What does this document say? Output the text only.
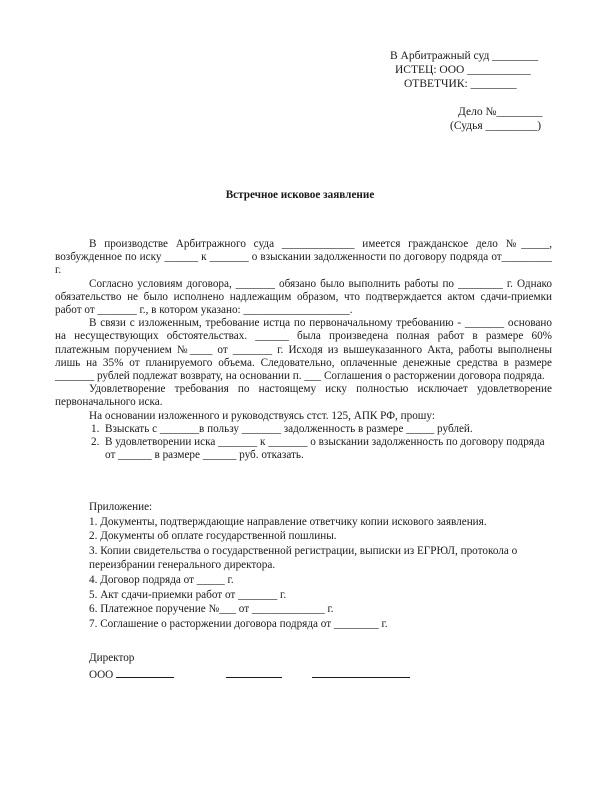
В Арбитражный суд ________
ИСТЕЦ: ООО ___________
ОТВЕТЧИК: ________
Дело №________
(Судья _________)
Встречное исковое заявление

В производстве Арбитражного суда _____________ имеется гражданское дело №_____, возбужденное по иску ______ к _______ о взыскании задолженности по договору подряда от_________ г.

Согласно условиям договора, _______ обязано было выполнить работы по ________ г. Однако обязательство не было исполнено надлежащим образом, что подтверждается актом сдачи-приемки работ от _______ г., в котором указано: ___________________.

В связи с изложенным, требование истца по первоначальному требованию - _______ основано на несуществующих обстоятельствах. ______ была произведена полная работ в размере 60% платежным поручением №____ от _______ г. Исходя из вышеуказанного Акта, работы выполнены лишь на 35% от планируемого объема. Следовательно, оплаченные денежные средства в размере _______ рублей подлежат возврату, на основании п. ___ Соглашения о расторжении договора подряда.

Удовлетворение требования по настоящему иску полностью исключает удовлетворение первоначального иска.

На основании изложенного и руководствуясь стст. 125, АПК РФ, прошу:

1. Взыскать с _______в пользу _______ задолженность в размере _____ рублей.
2. В удовлетворении иска _______ к _______ о взыскании задолженность по договору подряда от ______ в размере ______ руб. отказать.

Приложение:

1. Документы, подтверждающие направление ответчику копии искового заявления.

2. Документы об оплате государственной пошлины.

3. Копии свидетельства о государственной регистрации, выписки из ЕГРЮЛ, протокола о переизбрании генерального директора.

4. Договор подряда от _____ г.

5. Акт сдачи-приемки работ от _______ г.

6. Платежное поручение №___ от _____________ г.

7. Соглашение о расторжении договора подряда от ________ г.

Директор

ООО
